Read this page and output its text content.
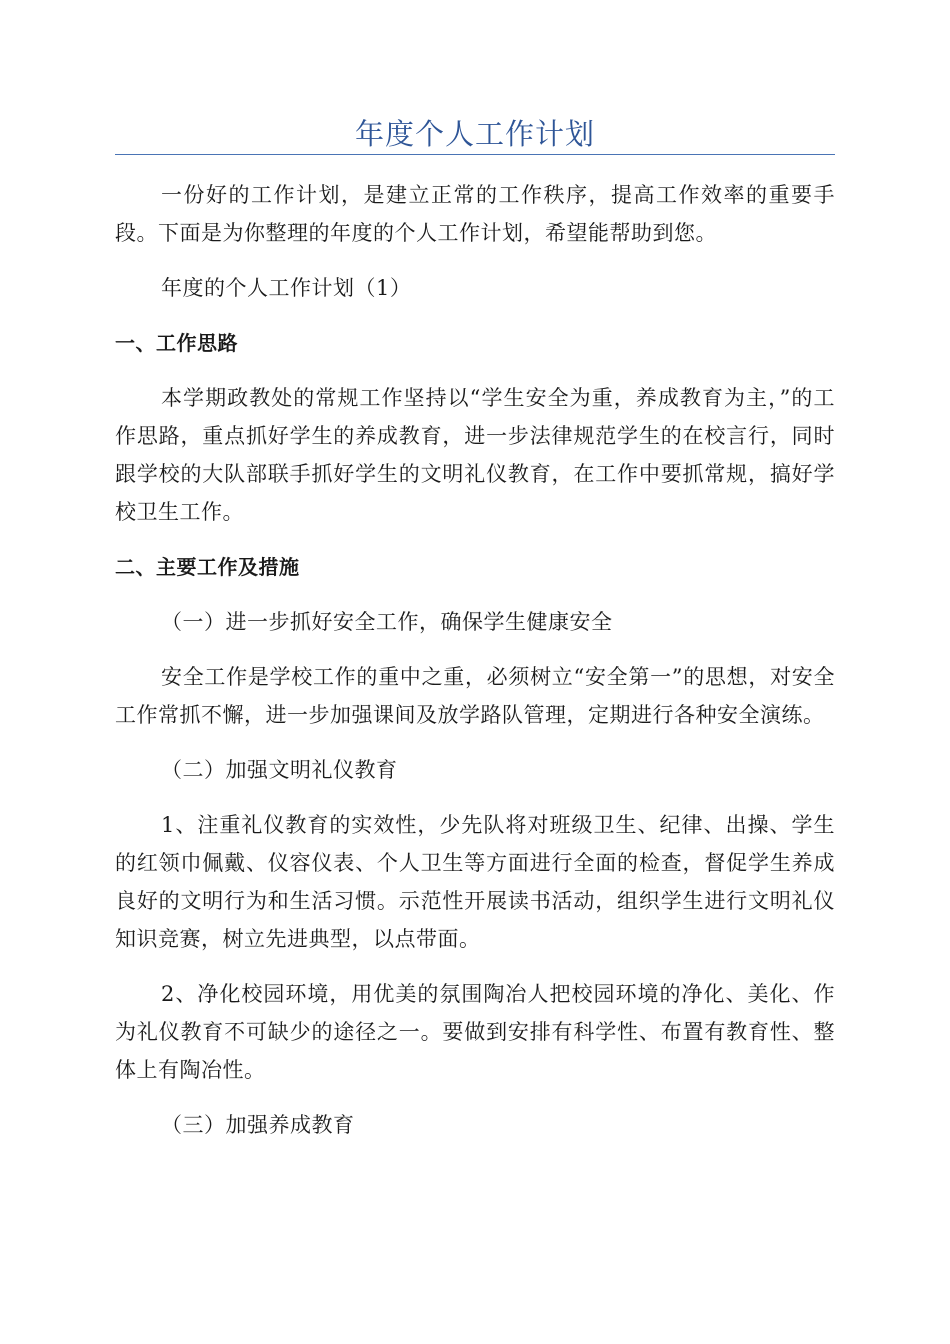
年度个人工作计划

一份好的工作计划，是建立正常的工作秩序，提高工作效率的重要手段。下面是为你整理的年度的个人工作计划，希望能帮助到您。

年度的个人工作计划（1）

一、工作思路

本学期政教处的常规工作坚持以“学生安全为重，养成教育为主，”的工作思路，重点抓好学生的养成教育，进一步法律规范学生的在校言行，同时跟学校的大队部联手抓好学生的文明礼仪教育，在工作中要抓常规，搞好学校卫生工作。

二、主要工作及措施

（一）进一步抓好安全工作，确保学生健康安全

安全工作是学校工作的重中之重，必须树立“安全第一”的思想，对安全工作常抓不懈，进一步加强课间及放学路队管理，定期进行各种安全演练。

（二）加强文明礼仪教育

1、注重礼仪教育的实效性，少先队将对班级卫生、纪律、出操、学生的红领巾佩戴、仪容仪表、个人卫生等方面进行全面的检查，督促学生养成良好的文明行为和生活习惯。示范性开展读书活动，组织学生进行文明礼仪知识竞赛，树立先进典型，以点带面。

2、净化校园环境，用优美的氛围陶冶人把校园环境的净化、美化、作为礼仪教育不可缺少的途径之一。要做到安排有科学性、布置有教育性、整体上有陶冶性。

（三）加强养成教育
